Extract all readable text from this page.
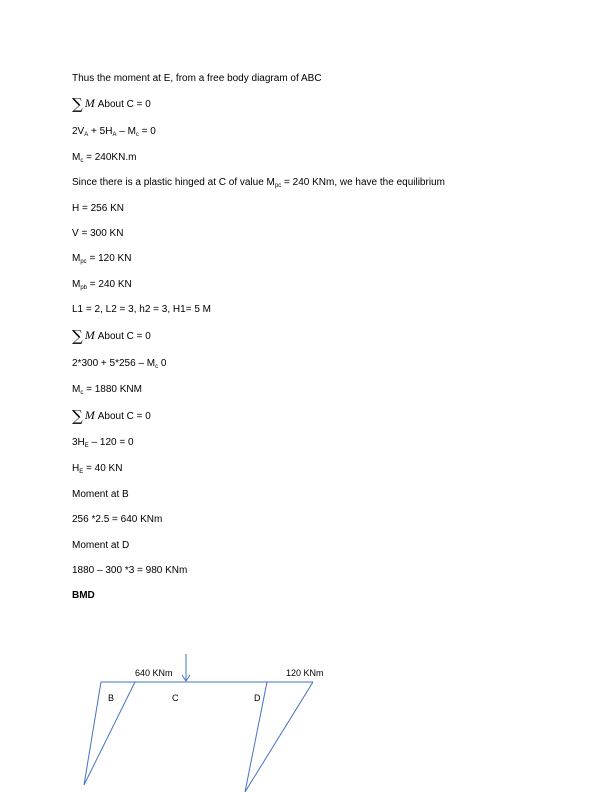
Thus the moment at E, from a free body diagram of ABC
∑ M About C = 0
$2V_A + 5H_A - M_c = 0$
$M_c = 240KN.m$
Since there is a plastic hinged at C of value $M_{pc} = 240$ KNm, we have the equilibrium
H = 256 KN
V = 300 KN
$M_{pc} = 120$ KN
$M_{pb} = 240$ KN
L1 = 2, L2 = 3, h2 = 3, H1= 5 M
∑ M About C = 0
$2*300 + 5*256 - M_c$ 0
$M_c = 1880$ KNM
∑ M About C = 0
$3H_E - 120 = 0$
$H_E = 40$ KN
Moment at B
256 *2.5 = 640 KNm
Moment at D
1880 – 300 *3 = 980 KNm
BMD
640 KNm	120 KNm
B	C	D
